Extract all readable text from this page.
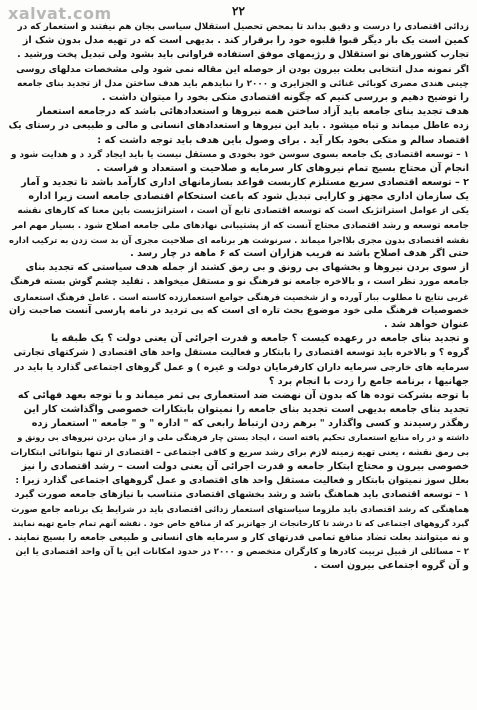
xalvat.com	۲۲
زدائی اقتصادی را درست و دقیق بداند تا بمحض تحصیل استقلال سیاسی بجان هم نیفتند و استعمار که در
کمین است یک بار دیگر قبوا قلبوه خود را برقرار کند . بدیهی است که در تهیه مدل بدون شک از
تجارب کشورهای نو استقلال و رژیمهای موفق استفاده فراوانی باید بشود ولی تبدیل پخت ورشید .
اگر نمونه مدل انتخابی بعلت بیرون بودن از حوصله این مقاله نمی شود ولی مشخصات مدلهای روسی
چینی هندی مصری کوبائی غنائی و الجزایری و ۲۰۰۰ را نبایدهم باید هدف ساختن مدل از تجدید بنای جامعه
را توضیح دهیم و بررسی کنیم که چگونه اقتصادی متکی بخود را میتوان داشت .
هدف تجدید بنای جامعه باید آزاد ساختن همه نیروها و استعدادهائی باشد که درجامعه استعمار
زده عاطل میماند و تباه میشود . باید این نیروها و استعدادهای انسانی و مالی و طبیعی در رستای یک
اقتصاد سالم و متکی بخود بکار آید . برای وصول باین هدف باید توجه داشت که :
۱ – توسعه اقتصادی یک جامعه بسوی سوسن خود بخودی و مستقل نیست یا باید ایجاد گرد د و هدایت شود و
انجام آن محتاج بسیج تمام نیروهای کار سرمایه و صلاحیت و استعداد و فراست .
۲ – توسعه اقتصادی سریع مستلزم کاربست قواعد بسازمانهای اداری کارآمد باشد تا تجدید و آمار
یک سازمان اداری مجهز و کارایی تبدیل شود که باعث استحکام اقتصادی جامعه است زیرا اداره
یکی از عوامل استراتژیک است که توسعه اقتصادی تابع آن است ، استراتژیست باین معنا که کارهای نقشه
جامعه توسعه و رشد اقتصادی محتاج آنست که از پشتیبانی نهادهای ملی جامعه اصلاح شود . بسیار مهم امر
نقشه اقتصادی بدون مجری بلااجرا میماند . سرنوشت هر برنامه ای صلاحیت مجری آن بد ست زدن به ترکیب اداره
حتی اگر هدف اصلاح باشد نه فریب هزاران است که ۶ ماهه در چار رسد .
از سوی بردن نیروها و بخشهای بی رونق و بی رمق کشند از جمله هدف سیاستی که تجدید بنای
جامعه مورد نظر است ، و بالاخره جامعه نو فرهنگ نو و مستقل میخواهد . تقلید چشم گوش بسته فرهنگ
غربی نتایج نا مطلوب ببار آورده و از شخصیت فرهنگی جوامع استعمارزده کاسته است . عامل فرهنگ استعماری
خصوصیات فرهنگ ملی خود موضوع بحث تاره ای است که بی تردید در نامه پارسی آنست صاحبت زان
عنوان خواهد شد .
و تجدید بنای جامعه در رعهده کیست ؟ جامعه و قدرت اجرائی آن یعنی دولت ؟ یک طبقه یا
گروه ؟ و بالاخره باید توسعه اقتصادی را بابتکار و فعالیت مستقل واحد های اقتصادی ( شرکتهای تجارتی
سرمایه های خارجی سرمایه داران کارفرمایان دولت و غیره ) و عمل گروهای اجتماعی گذارد یا باید در
جهانیها ، برنامه جامع را زدت با انجام برد ؟
با توجه بشرکت توده ها که بدون آن نهضت ضد استعماری بی ثمر میماند و با توجه بعهد فهائی که
تجدید بنای جامعه بدیهی است تجدید بنای جامعه را نمیتوان بابتکارات خصوصی واگذاشت کار این
رهگذر رسیدند و کسی واگذارد " برهم زدن ارتباط رابعی که " اداره " و " جامعه " استعمار زده
داشته و در راه منابع استعماری تحکیم یافته است ، ایجاد بستن چار فرهنگی ملی و از میان بردن نیروهای بی رونق و
بی رمق نقشه ، یعنی تهیه زمینه لازم برای رشد سریع و کافی اجتماعی – اقتصادی از تنها بتوانائی ابتکارات
خصوصی بیرون و محتاج ابتکار جامعه و قدرت اجرائی آن یعنی دولت است – رشد اقتصادی را نیز
بعلل سوز نمیتوان بابتکار و فعالیت مستقل واحد های اقتصادی و عمل گروههای اجتماعی گذارد زیرا :
۱ – توسعه اقتصادی باید هماهنگ باشد و رشد بخشهای اقتصادی متناسب با نیازهای جامعه صورت گیرد
هماهنگی که رشد اقتصادی باید ملزوما سیاستهای استعمار زدائی اقتصادی باید در شرایط یک برنامه جامع صورت
گیرد گروههای اجتماعی که تا درشد تا کارخانجات از جهانزیر که از منافع خاص خود . نقشه آنهم تمام جامع تهیه نمایند
و نه میتوانند بعلت تضاد منافع تمامی قدرتهای کار و سرمایه های انسانی و طبیعی جامعه را بسیج نمایند .
۲ – مسائلی از قبیل تربیت کادرها و کارگران متخصص و ۲۰۰۰ در حدود امکانات این یا آن واحد اقتصادی یا این
و آن گروه اجتماعی بیرون است .
